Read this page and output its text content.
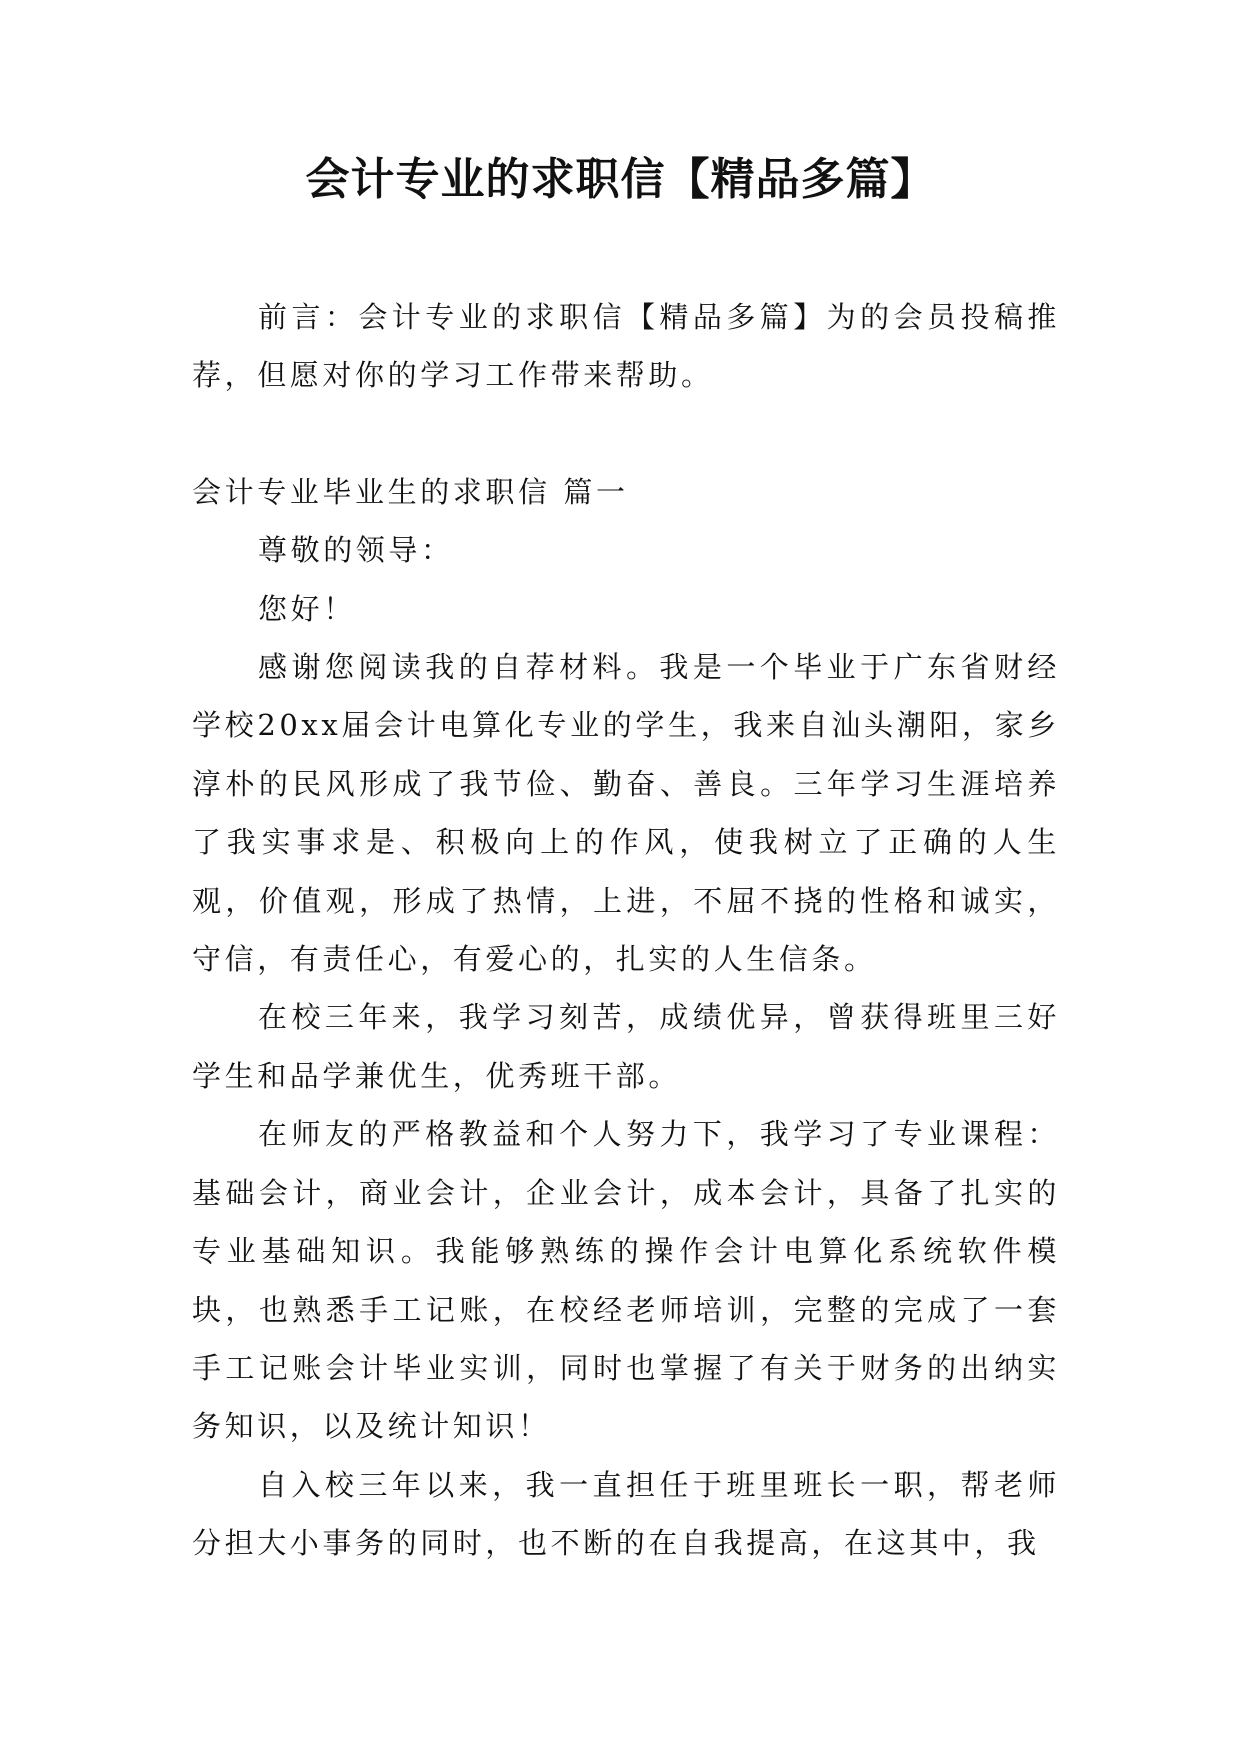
会计专业的求职信【精品多篇】

前言：会计专业的求职信【精品多篇】为的会员投稿推荐，但愿对你的学习工作带来帮助。

会计专业毕业生的求职信 篇一

尊敬的领导：

您好！

感谢您阅读我的自荐材料。我是一个毕业于广东省财经学校20xx届会计电算化专业的学生，我来自汕头潮阳，家乡淳朴的民风形成了我节俭、勤奋、善良。三年学习生涯培养了我实事求是、积极向上的作风，使我树立了正确的人生观，价值观，形成了热情，上进，不屈不挠的性格和诚实，守信，有责任心，有爱心的，扎实的人生信条。

在校三年来，我学习刻苦，成绩优异，曾获得班里三好学生和品学兼优生，优秀班干部。

在师友的严格教益和个人努力下，我学习了专业课程：基础会计，商业会计，企业会计，成本会计，具备了扎实的专业基础知识。我能够熟练的操作会计电算化系统软件模块，也熟悉手工记账，在校经老师培训，完整的完成了一套手工记账会计毕业实训，同时也掌握了有关于财务的出纳实务知识，以及统计知识！

自入校三年以来，我一直担任于班里班长一职，帮老师分担大小事务的同时，也不断的在自我提高，在这其中，我
